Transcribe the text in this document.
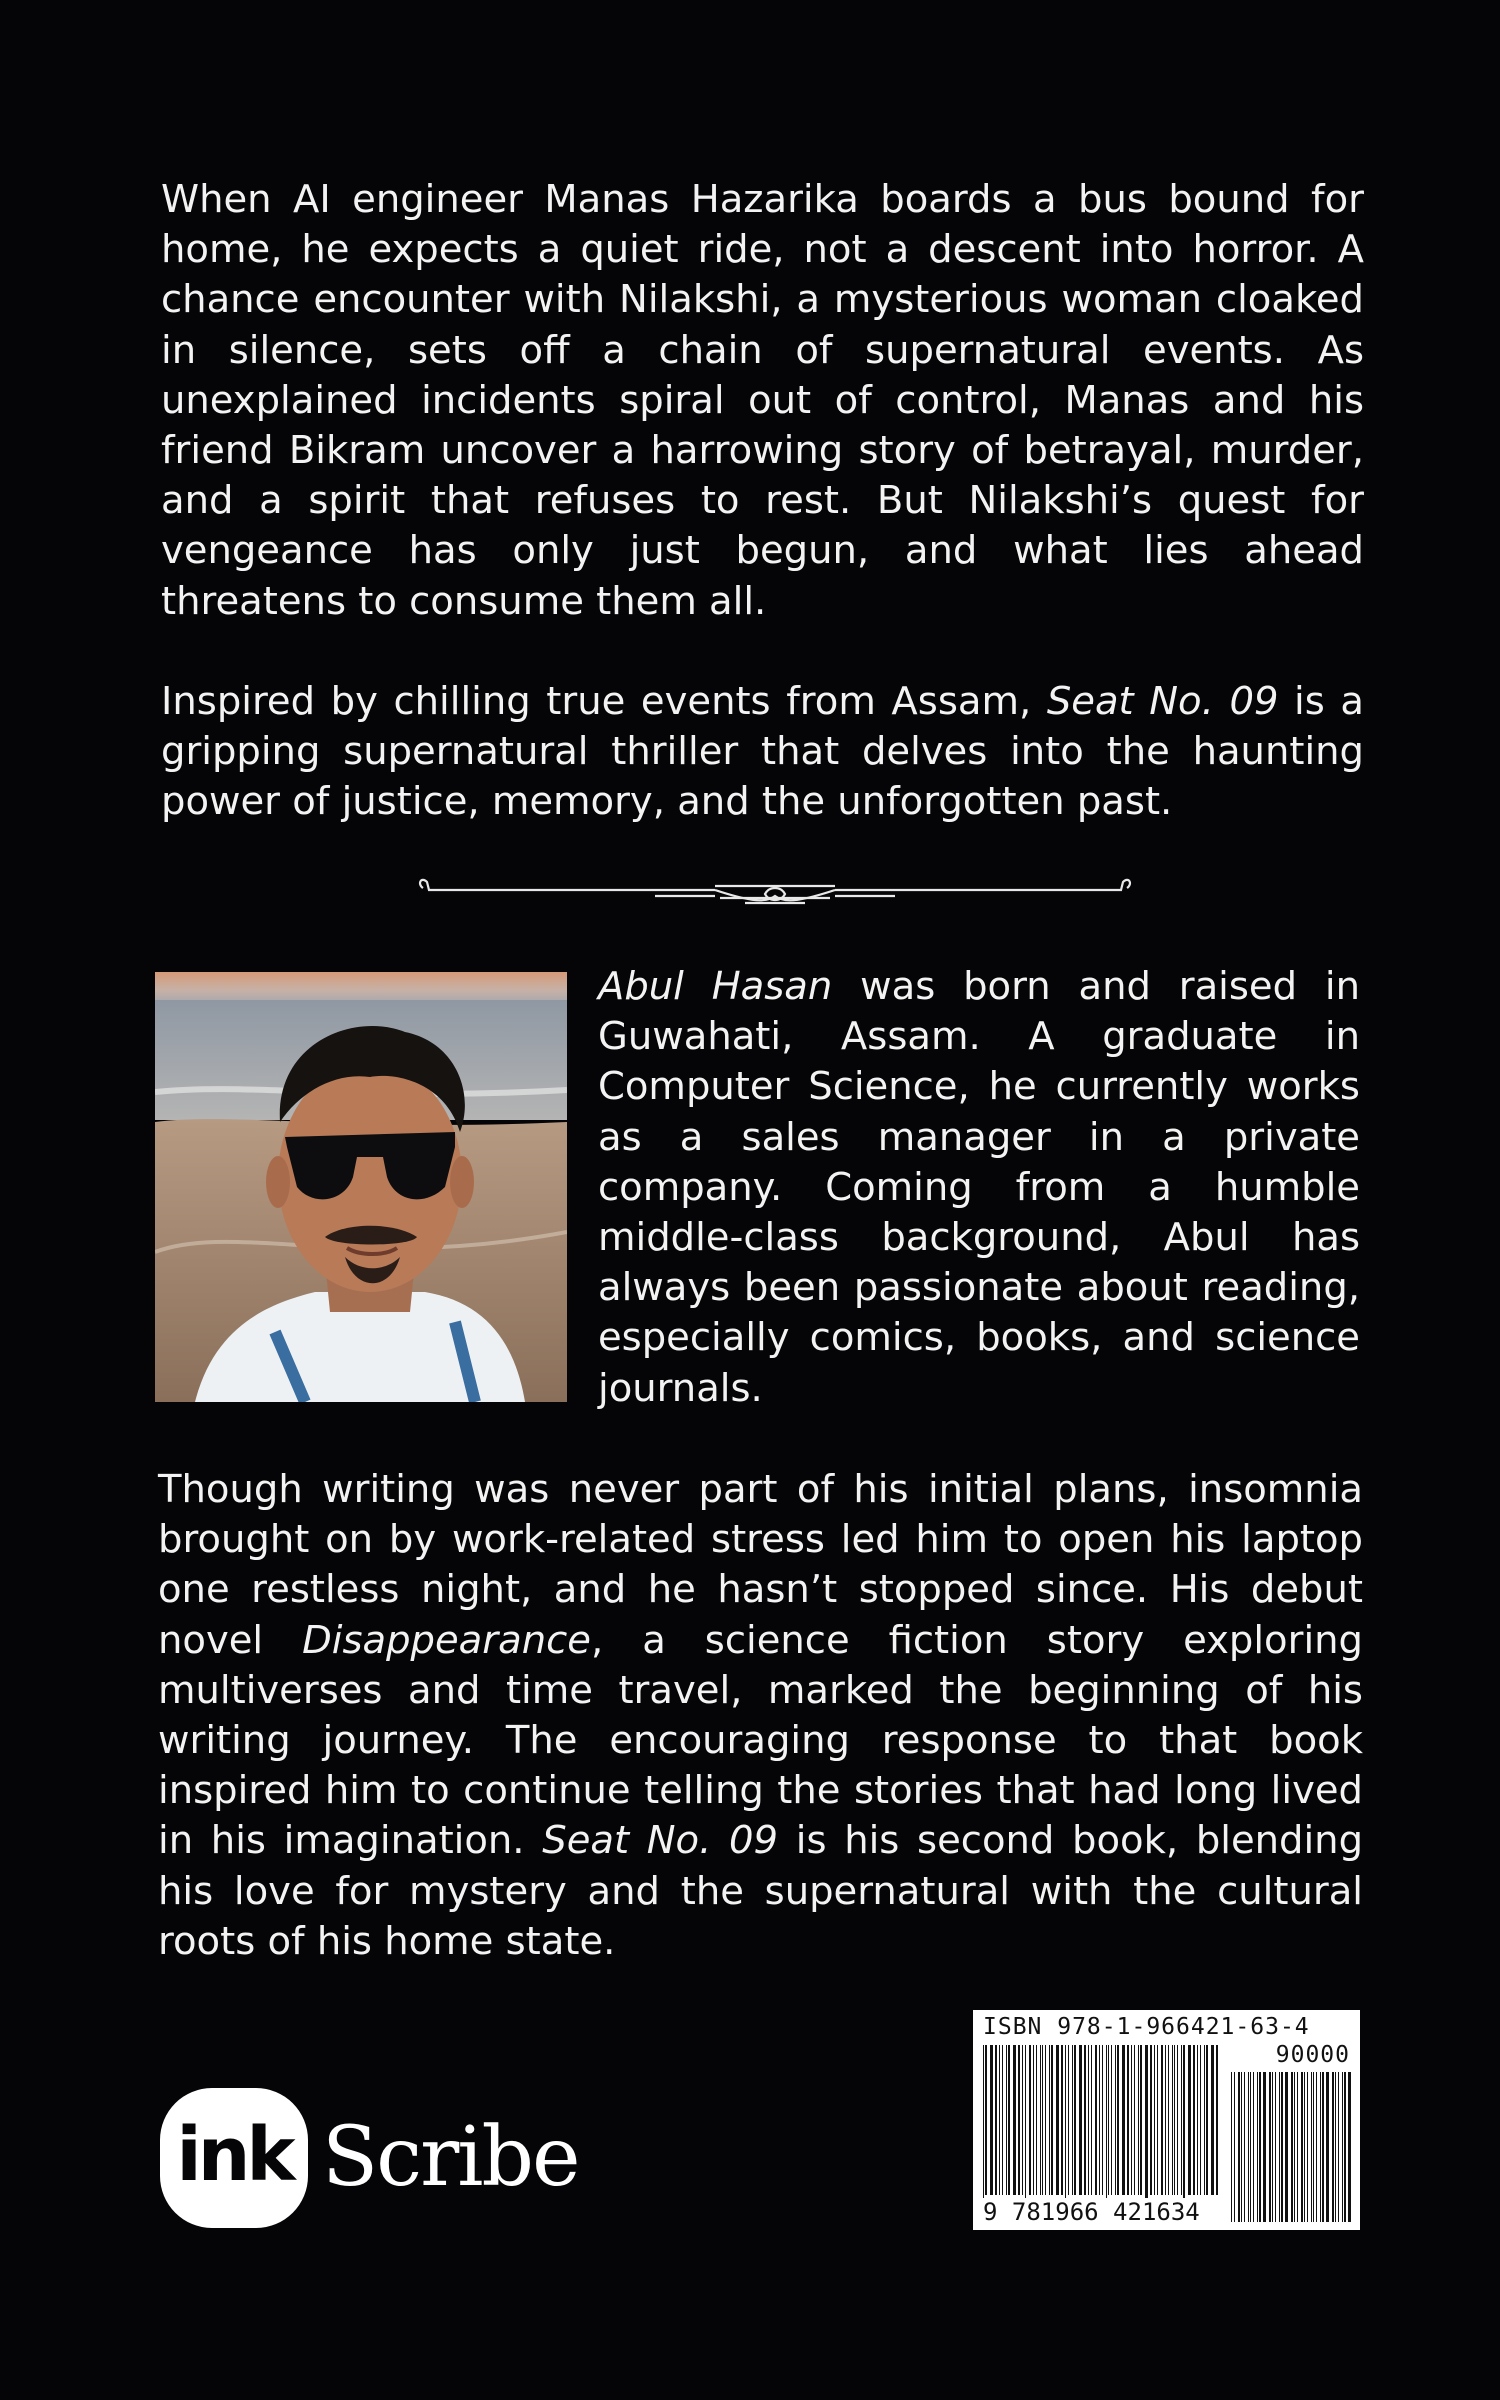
When AI engineer Manas Hazarika boards a bus bound for home, he expects a quiet ride, not a descent into horror. A chance encounter with Nilakshi, a mysterious woman cloaked in silence, sets off a chain of supernatural events. As unexplained incidents spiral out of control, Manas and his friend Bikram uncover a harrowing story of betrayal, murder, and a spirit that refuses to rest. But Nilakshi’s quest for vengeance has only just begun, and what lies ahead threatens to consume them all.

Inspired by chilling true events from Assam, Seat No. 09 is a gripping supernatural thriller that delves into the haunting power of justice, memory, and the unforgotten past.

Abul Hasan was born and raised in Guwahati, Assam. A graduate in Computer Science, he currently works as a sales manager in a private company. Coming from a humble middle-class background, Abul has always been passionate about reading, especially comics, books, and science journals.

Though writing was never part of his initial plans, insomnia brought on by work-related stress led him to open his laptop one restless night, and he hasn’t stopped since. His debut novel Disappearance, a science fiction story exploring multiverses and time travel, marked the beginning of his writing journey. The encouraging response to that book inspired him to continue telling the stories that had long lived in his imagination. Seat No. 09 is his second book, blending his love for mystery and the supernatural with the cultural roots of his home state.

ink Scribe
ISBN 978-1-966421-63-4
90000
9 781966 421634
